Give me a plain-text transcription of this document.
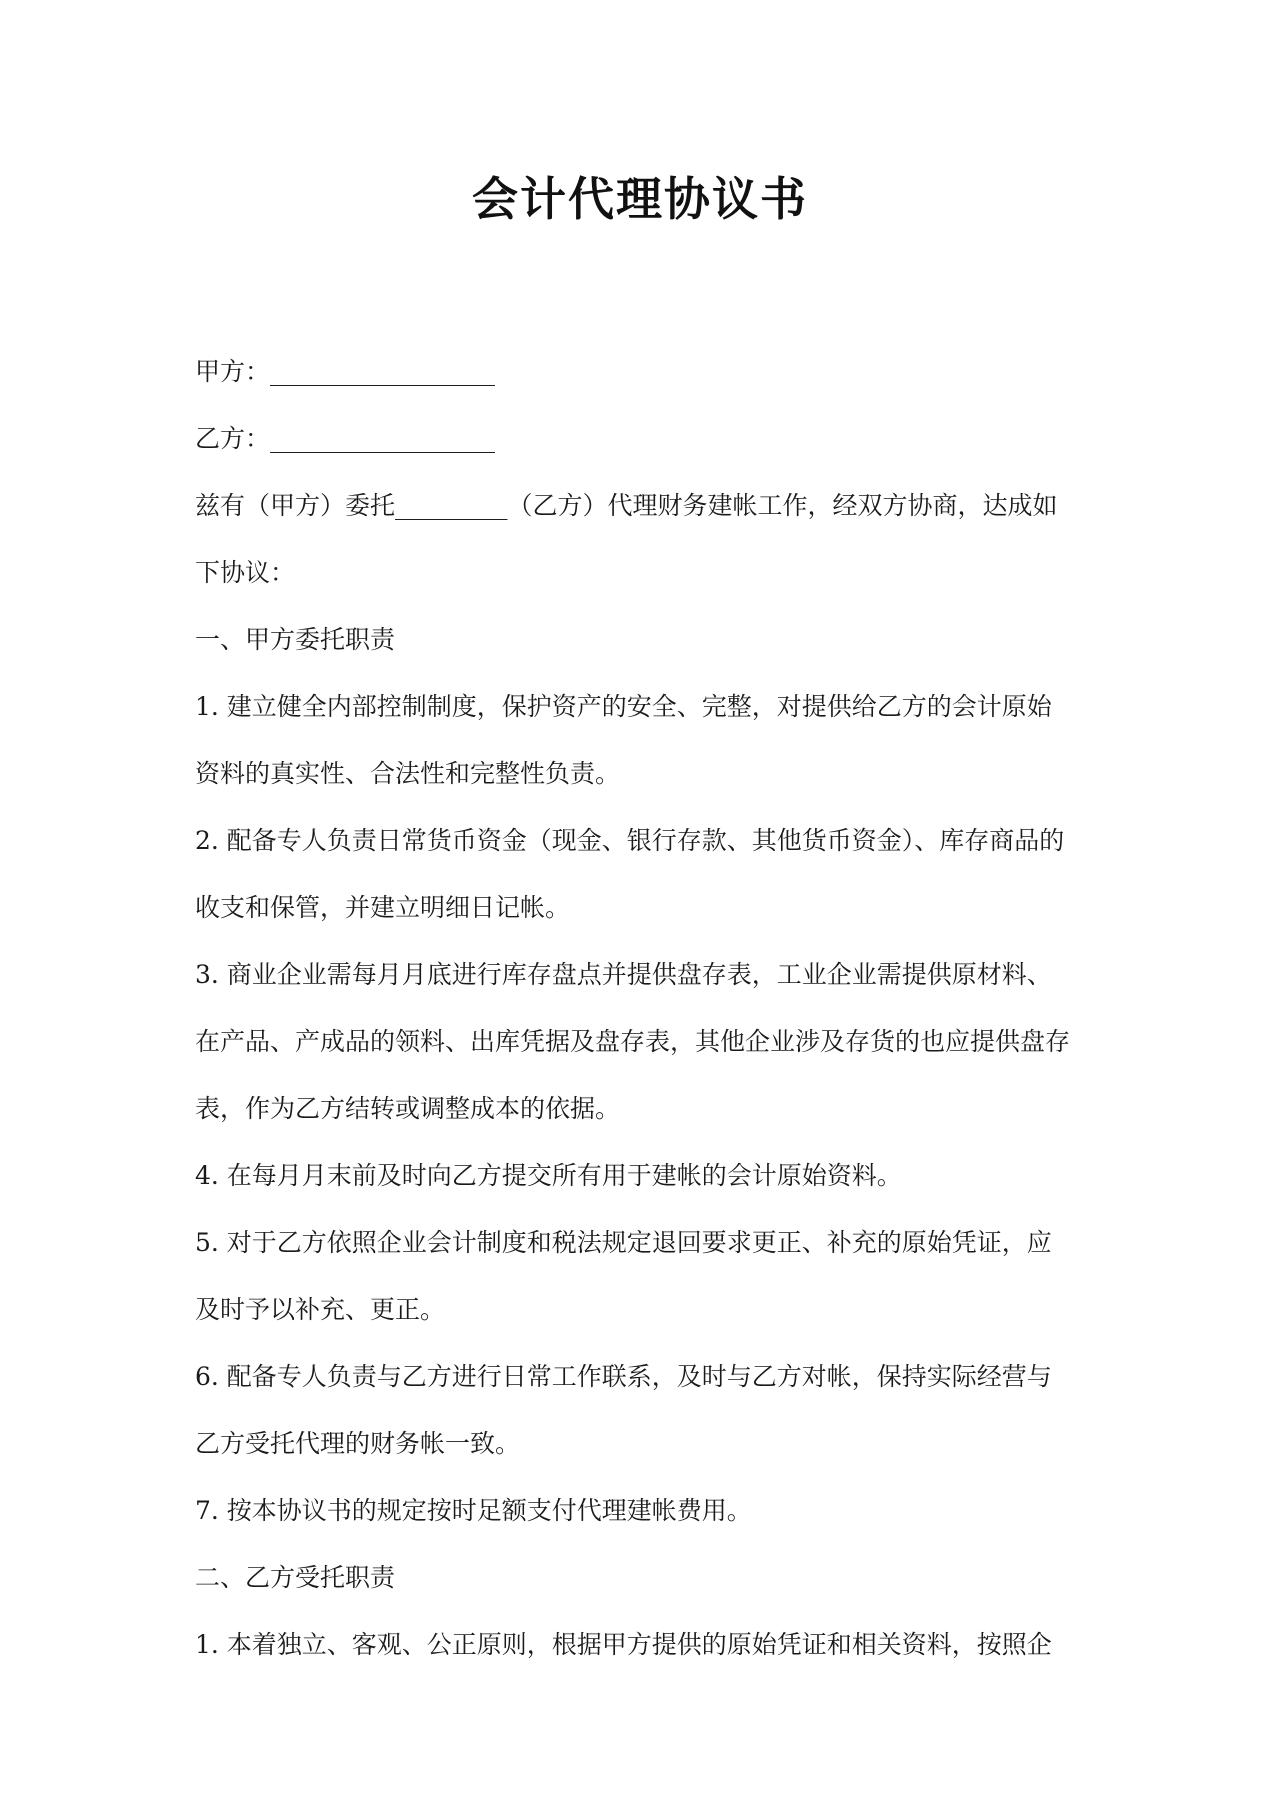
会计代理协议书
甲方：__________________
乙方：__________________
兹有（甲方）委托_________（乙方）代理财务建帐工作，经双方协商，达成如
下协议：
一、甲方委托职责
1. 建立健全内部控制制度，保护资产的安全、完整，对提供给乙方的会计原始
资料的真实性、合法性和完整性负责。
2. 配备专人负责日常货币资金（现金、银行存款、其他货币资金）、库存商品的
收支和保管，并建立明细日记帐。
3. 商业企业需每月月底进行库存盘点并提供盘存表，工业企业需提供原材料、
在产品、产成品的领料、出库凭据及盘存表，其他企业涉及存货的也应提供盘存
表，作为乙方结转或调整成本的依据。
4. 在每月月末前及时向乙方提交所有用于建帐的会计原始资料。
5. 对于乙方依照企业会计制度和税法规定退回要求更正、补充的原始凭证，应
及时予以补充、更正。
6. 配备专人负责与乙方进行日常工作联系，及时与乙方对帐，保持实际经营与
乙方受托代理的财务帐一致。
7. 按本协议书的规定按时足额支付代理建帐费用。
二、乙方受托职责
1. 本着独立、客观、公正原则，根据甲方提供的原始凭证和相关资料，按照企
